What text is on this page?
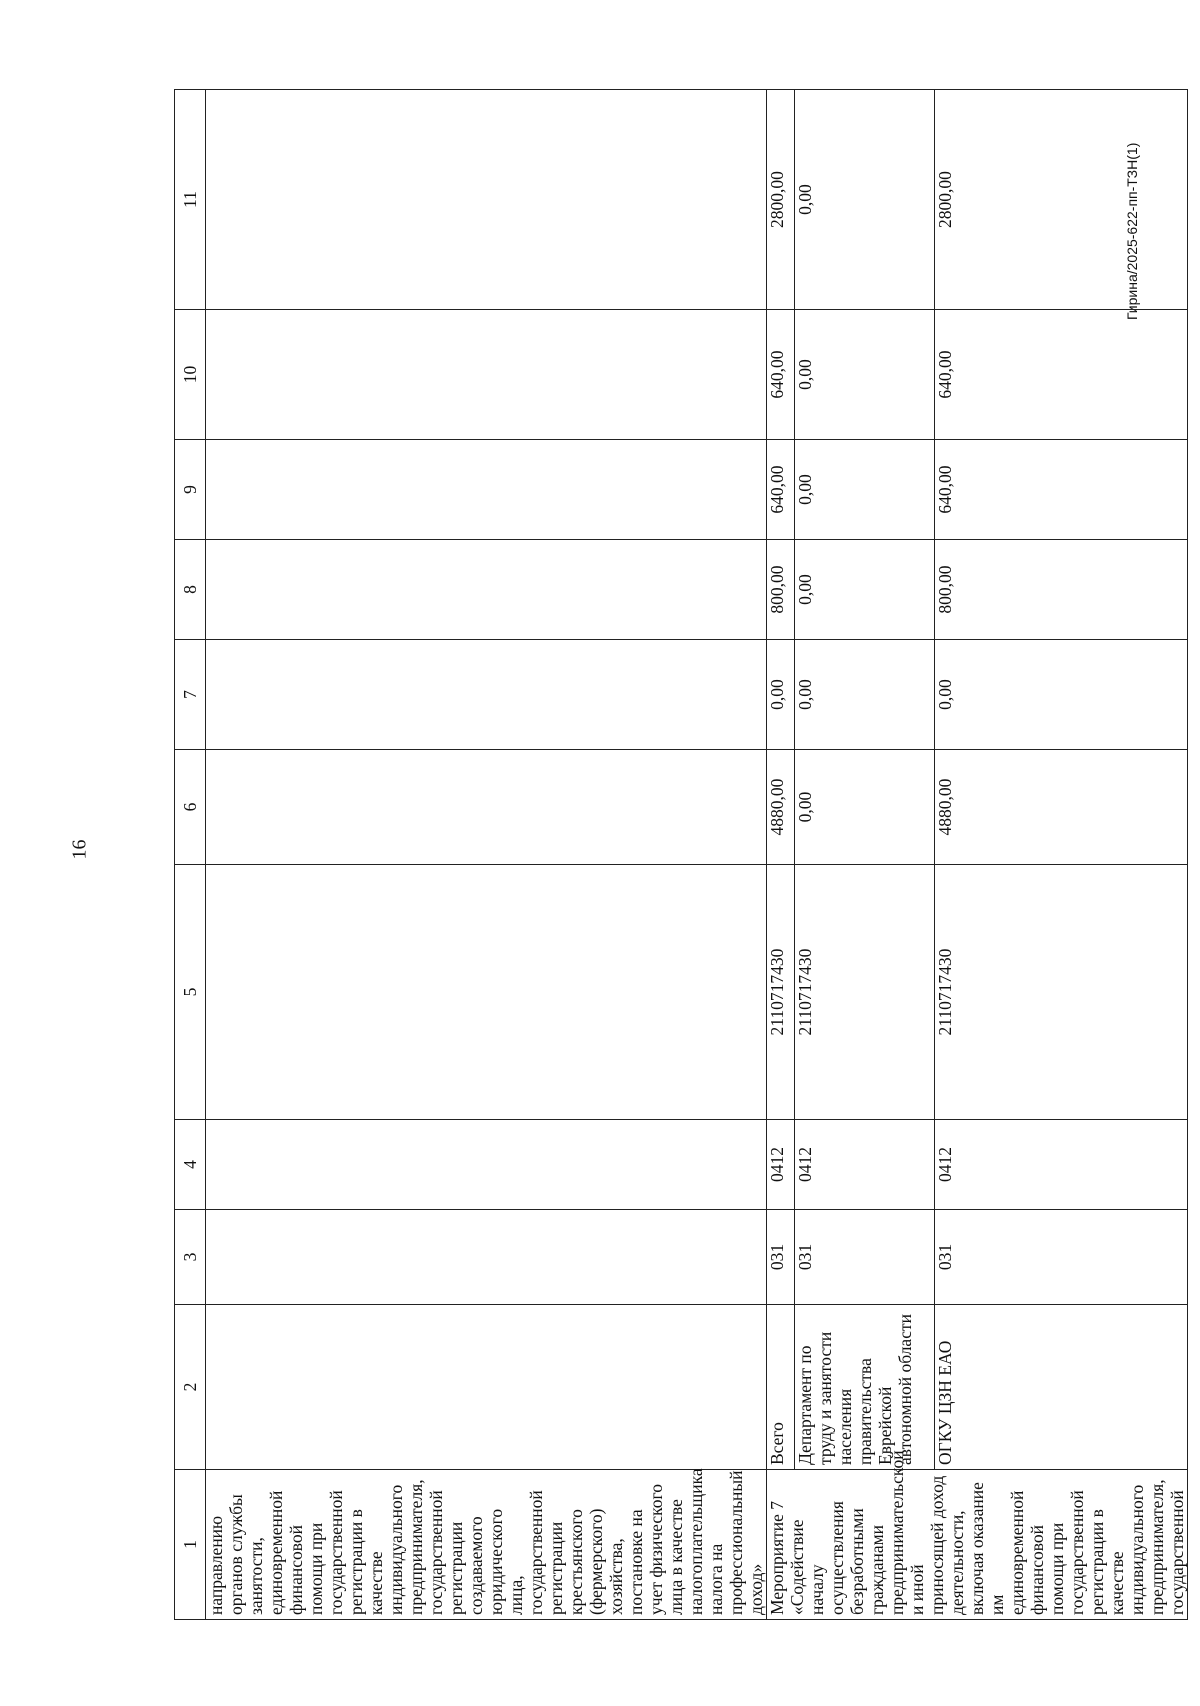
16
Гирина/2025-622-пп-ТЗН(1)
1	2	3	4	5	6	7	8	9	10	11
направлению органов службы занятости, единовременной финансовой помощи при государственной регистрации в качестве индивидуального предпринимателя, государственной регистрации создаваемого юридического лица, государственной регистрации крестьянского (фермерского) хозяйства, постановке на учет физического лица в качестве налогоплательщика налога на профессиональный доход»										
Мероприятие 7 «Содействие началу осуществления безработными гражданами предпринимательской и иной приносящей доход деятельности, включая оказание им единовременной финансовой помощи при государственной регистрации в качестве индивидуального предпринимателя, государственной	Всего	031	0412	2110717430	4880,00	0,00	800,00	640,00	640,00	2800,00
	Департамент по труду и занятости населения правительства Еврейской автономной области	031	0412	2110717430	0,00	0,00	0,00	0,00	0,00	0,00
	ОГКУ ЦЗН ЕАО	031	0412	2110717430	4880,00	0,00	800,00	640,00	640,00	2800,00
